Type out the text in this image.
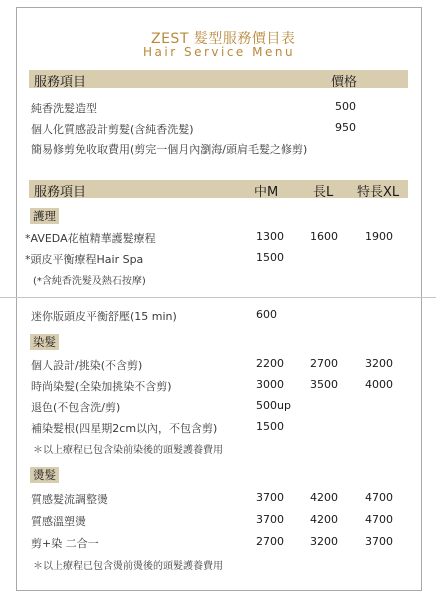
ZEST 髮型服務價目表
Hair Service Menu
服務項目	價格
純香洗髮造型	500
個人化質感設計剪髮(含純香洗髮)	950
簡易修剪免收取費用(剪完一個月內瀏海/頭肩毛髮之修剪)
服務項目	中M	長L 特長XL
護理
*AVEDA花植精華護髮療程	1300 1600 1900
*頭皮平衡療程Hair Spa	1500
(*含純香洗髮及熱石按摩)
迷你版頭皮平衡舒壓(15 min)	600
染髮
個人設計/挑染(不含剪)	2200 2700 3200
時尚染髮(全染加挑染不含剪)	3000 3500 4000
退色(不包含洗/剪)	500up
補染髮根(四星期2cm以內，不包含剪)	1500
＊以上療程已包含染前染後的頭髮護養費用
燙髮
質感髮流調整燙	3700 4200 4700
質感溫塑燙	3700 4200 4700
剪+染 二合一	2700 3200 3700
＊以上療程已包含燙前燙後的頭髮護養費用
